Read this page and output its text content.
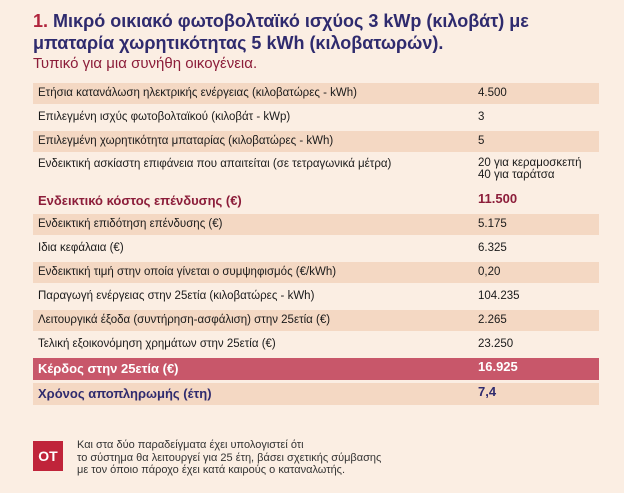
1. Μικρό οικιακό φωτοβολταϊκό ισχύος 3 kWp (κιλοβάτ) με μπαταρία χωρητικότητας 5 kWh (κιλοβατωρών).

Τυπικό για μια συνήθη οικογένεια.

Ετήσια κατανάλωση ηλεκτρικής ενέργειας (κιλοβατώρες - kWh)	4.500
Επιλεγμένη ισχύς φωτοβολταϊκού (κιλοβάτ - kWp)	3
Επιλεγμένη χωρητικότητα μπαταρίας (κιλοβατώρες - kWh)	5
Ενδεικτική ασκίαστη επιφάνεια που απαιτείται (σε τετραγωνικά μέτρα)	20 για κεραμοσκεπή
40 για ταράτσα
Ενδεικτικό κόστος επένδυσης (€)	11.500
Ενδεικτική επιδότηση επένδυσης (€)	5.175
Ιδια κεφάλαια (€)	6.325
Ενδεικτική τιμή στην οποία γίνεται ο συμψηφισμός (€/kWh)	0,20
Παραγωγή ενέργειας στην 25ετία (κιλοβατώρες - kWh)	104.235
Λειτουργικά έξοδα (συντήρηση-ασφάλιση) στην 25ετία (€)	2.265
Τελική εξοικονόμηση χρημάτων στην 25ετία (€)	23.250
Κέρδος στην 25ετία (€)	16.925
Χρόνος αποπληρωμής (έτη)	7,4
OT
Και στα δύο παραδείγματα έχει υπολογιστεί ότι
το σύστημα θα λειτουργεί για 25 έτη, βάσει σχετικής σύμβασης
με τον όποιο πάροχο έχει κατά καιρούς ο καταναλωτής.
